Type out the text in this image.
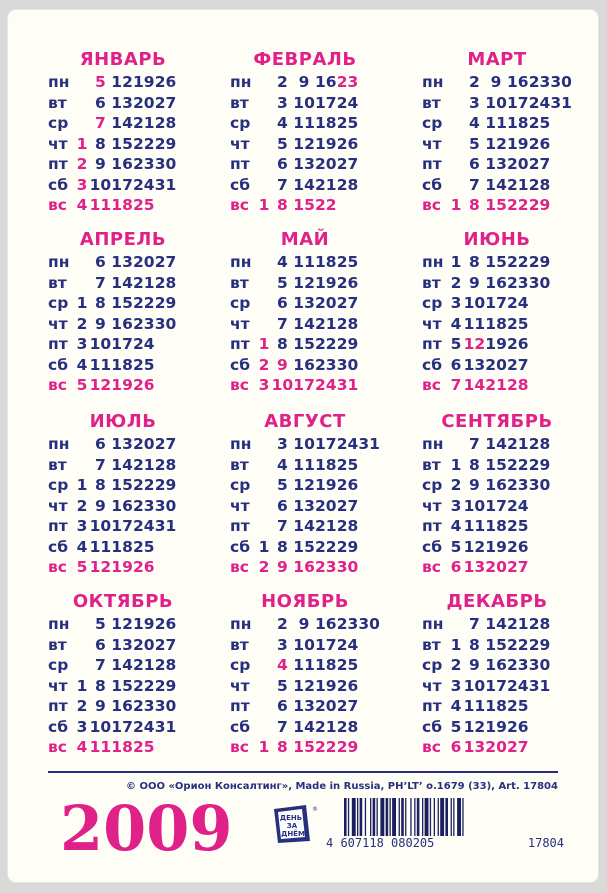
ЯНВАРЬ
пн	5 12 19 26
вт	6 13 20 27
ср	7 14 21 28
чт 1 8 15 22 29
пт 2 9 16 23 30
сб 3 10 17 24 31
вс 4 11 18 25
ФЕВРАЛЬ
пн	2 9 16 23
вт	3 10 17 24
ср	4 11 18 25
чт	5 12 19 26
пт	6 13 20 27
сб	7 14 21 28
вс 1 8 15 22
МАРТ
пн	2 9 16 23 30
вт	3 10 17 24 31
ср	4 11 18 25
чт	5 12 19 26
пт	6 13 20 27
сб	7 14 21 28
вс 1 8 15 22 29
АПРЕЛЬ
пн	6 13 20 27
вт	7 14 21 28
ср 1 8 15 22 29
чт 2 9 16 23 30
пт 3 10 17 24
сб 4 11 18 25
вс 5 12 19 26
МАЙ
пн	4 11 18 25
вт	5 12 19 26
ср	6 13 20 27
чт	7 14 21 28
пт 1 8 15 22 29
сб 2 9 16 23 30
вс 3 10 17 24 31
ИЮНЬ
пн 1 8 15 22 29
вт 2 9 16 23 30
ср 3 10 17 24
чт 4 11 18 25
пт 5 12 19 26
сб 6 13 20 27
вс 7 14 21 28
ИЮЛЬ
пн	6 13 20 27
вт	7 14 21 28
ср 1 8 15 22 29
чт 2 9 16 23 30
пт 3 10 17 24 31
сб 4 11 18 25
вс 5 12 19 26
АВГУСТ
пн	3 10 17 24 31
вт	4 11 18 25
ср	5 12 19 26
чт	6 13 20 27
пт	7 14 21 28
сб 1 8 15 22 29
вс 2 9 16 23 30
СЕНТЯБРЬ
пн	7 14 21 28
вт 1 8 15 22 29
ср 2 9 16 23 30
чт 3 10 17 24
пт 4 11 18 25
сб 5 12 19 26
вс 6 13 20 27
ОКТЯБРЬ
пн	5 12 19 26
вт	6 13 20 27
ср	7 14 21 28
чт 1 8 15 22 29
пт 2 9 16 23 30
сб 3 10 17 24 31
вс 4 11 18 25
НОЯБРЬ
пн	2 9 16 23 30
вт	3 10 17 24
ср	4 11 18 25
чт	5 12 19 26
пт	6 13 20 27
сб	7 14 21 28
вс 1 8 15 22 29
ДЕКАБРЬ
пн	7 14 21 28
вт 1 8 15 22 29
ср 2 9 16 23 30
чт 3 10 17 24 31
пт 4 11 18 25
сб 5 12 19 26
вс 6 13 20 27
© ООО «Орион Консалтинг», Made in Russia, PH’LT’ о.1679 (33), Art. 17804
2009	ДЕНЬ
ЗА
ДНЁМ
®
4 607118 080205	17804
